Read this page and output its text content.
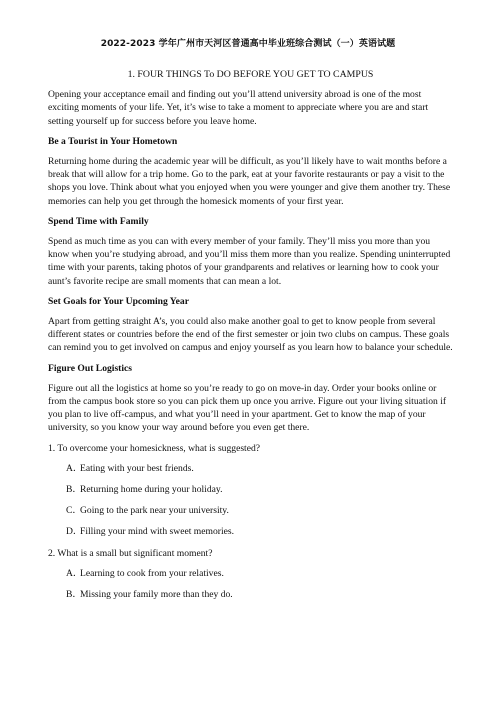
2022-2023 学年广州市天河区普通高中毕业班综合测试（一）英语试题
1. FOUR THINGS To DO BEFORE YOU GET TO CAMPUS

Opening your acceptance email and finding out you’ll attend university abroad is one of the most exciting moments of your life. Yet, it’s wise to take a moment to appreciate where you are and start setting yourself up for success before you leave home.

Be a Tourist in Your Hometown

Returning home during the academic year will be difficult, as you’ll likely have to wait months before a break that will allow for a trip home. Go to the park, eat at your favorite restaurants or pay a visit to the shops you love. Think about what you enjoyed when you were younger and give them another try. These memories can help you get through the homesick moments of your first year.

Spend Time with Family

Spend as much time as you can with every member of your family. They’ll miss you more than you know when you’re studying abroad, and you’ll miss them more than you realize. Spending uninterrupted time with your parents, taking photos of your grandparents and relatives or learning how to cook your aunt’s favorite recipe are small moments that can mean a lot.

Set Goals for Your Upcoming Year

Apart from getting straight A’s, you could also make another goal to get to know people from several different states or countries before the end of the first semester or join two clubs on campus. These goals can remind you to get involved on campus and enjoy yourself as you learn how to balance your schedule.

Figure Out Logistics

Figure out all the logistics at home so you’re ready to go on move-in day. Order your books online or from the campus book store so you can pick them up once you arrive. Figure out your living situation if you plan to live off-campus, and what you’ll need in your apartment. Get to know the map of your university, so you know your way around before you even get there.

1. To overcome your homesickness, what is suggested?
A．Eating with your best friends.
B．Returning home during your holiday.
C．Going to the park near your university.
D．Filling your mind with sweet memories.
2. What is a small but significant moment?
A．Learning to cook from your relatives.
B．Missing your family more than they do.
